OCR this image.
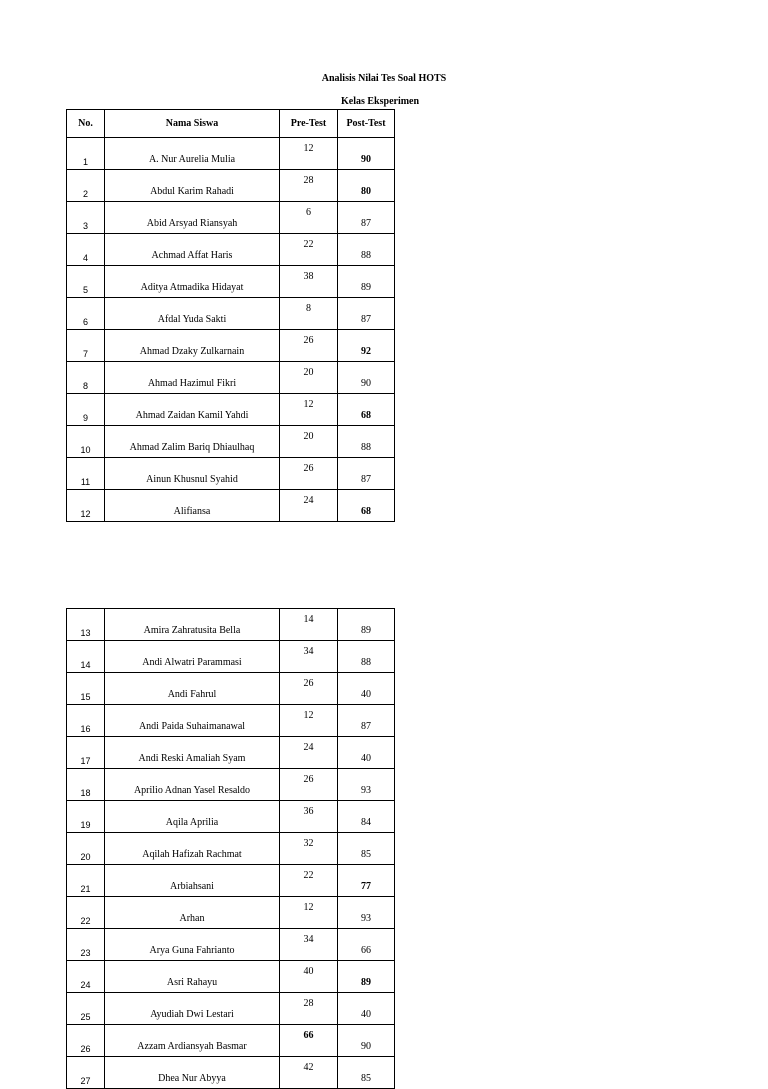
Analisis Nilai Tes Soal HOTS
Kelas Eksperimen
No.	Nama Siswa	Pre-Test	Post-Test
1	A. Nur Aurelia Mulia	12	90
2	Abdul Karim Rahadi	28	80
3	Abid Arsyad Riansyah	6	87
4	Achmad Affat Haris	22	88
5	Aditya Atmadika Hidayat	38	89
6	Afdal Yuda Sakti	8	87
7	Ahmad Dzaky Zulkarnain	26	92
8	Ahmad Hazimul Fikri	20	90
9	Ahmad Zaidan Kamil Yahdi	12	68
10	Ahmad Zalim Bariq Dhiaulhaq	20	88
11	Ainun Khusnul Syahid	26	87
12	Alifiansa	24	68
13	Amira Zahratusita Bella	14	89
14	Andi Alwatri Parammasi	34	88
15	Andi Fahrul	26	40
16	Andi Paida Suhaimanawal	12	87
17	Andi Reski Amaliah Syam	24	40
18	Aprilio Adnan Yasel Resaldo	26	93
19	Aqila Aprilia	36	84
20	Aqilah Hafizah Rachmat	32	85
21	Arbiahsani	22	77
22	Arhan	12	93
23	Arya Guna Fahrianto	34	66
24	Asri Rahayu	40	89
25	Ayudiah Dwi Lestari	28	40
26	Azzam Ardiansyah Basmar	66	90
27	Dhea Nur Abyya	42	85
